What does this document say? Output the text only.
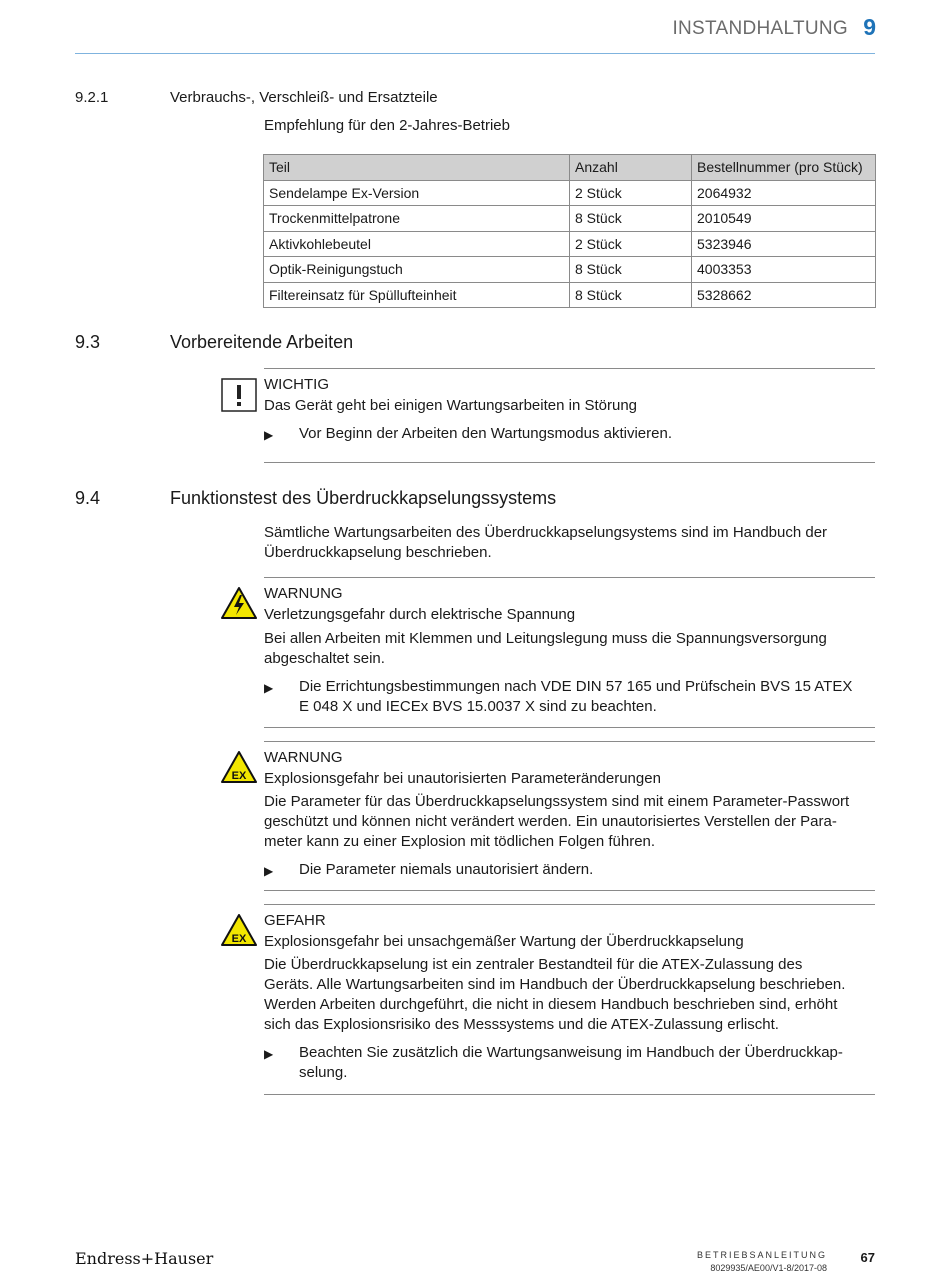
INSTANDHALTUNG 9
9.2.1	Verbrauchs-, Verschleiß- und Ersatzteile
Empfehlung für den 2-Jahres-Betrieb
Teil	Anzahl	Bestellnummer (pro Stück)
Sendelampe Ex-Version	2 Stück	2064932
Trockenmittelpatrone	8 Stück	2010549
Aktivkohlebeutel	2 Stück	5323946
Optik-Reinigungstuch	8 Stück	4003353
Filtereinsatz für Spüllufteinheit	8 Stück	5328662
9.3	Vorbereitende Arbeiten
WICHTIG
Das Gerät geht bei einigen Wartungsarbeiten in Störung
▶ Vor Beginn der Arbeiten den Wartungsmodus aktivieren.
9.4	Funktionstest des Überdruckkapselungssystems
Sämtliche Wartungsarbeiten des Überdruckkapselungsystems sind im Handbuch der
Überdruckkapselung beschrieben.
WARNUNG
Verletzungsgefahr durch elektrische Spannung
Bei allen Arbeiten mit Klemmen und Leitungslegung muss die Spannungsversorgung
abgeschaltet sein.
▶ Die Errichtungsbestimmungen nach VDE DIN 57 165 und Prüfschein BVS 15 ATEX
E 048 X und IECEx BVS 15.0037 X sind zu beachten.
EX
WARNUNG
Explosionsgefahr bei unautorisierten Parameteränderungen
Die Parameter für das Überdruckkapselungssystem sind mit einem Parameter-Passwort
geschützt und können nicht verändert werden. Ein unautorisiertes Verstellen der Para-
meter kann zu einer Explosion mit tödlichen Folgen führen.
▶ Die Parameter niemals unautorisiert ändern.
EX
GEFAHR
Explosionsgefahr bei unsachgemäßer Wartung der Überdruckkapselung
Die Überdruckkapselung ist ein zentraler Bestandteil für die ATEX-Zulassung des
Geräts. Alle Wartungsarbeiten sind im Handbuch der Überdruckkapselung beschrieben.
Werden Arbeiten durchgeführt, die nicht in diesem Handbuch beschrieben sind, erhöht
sich das Explosionsrisiko des Messsystems und die ATEX-Zulassung erlischt.
▶ Beachten Sie zusätzlich die Wartungsanweisung im Handbuch der Überdruckkap-
selung.
Endress+Hauser	BETRIEBSANLEITUNG
8029935/AE00/V1-8/2017-08
67
